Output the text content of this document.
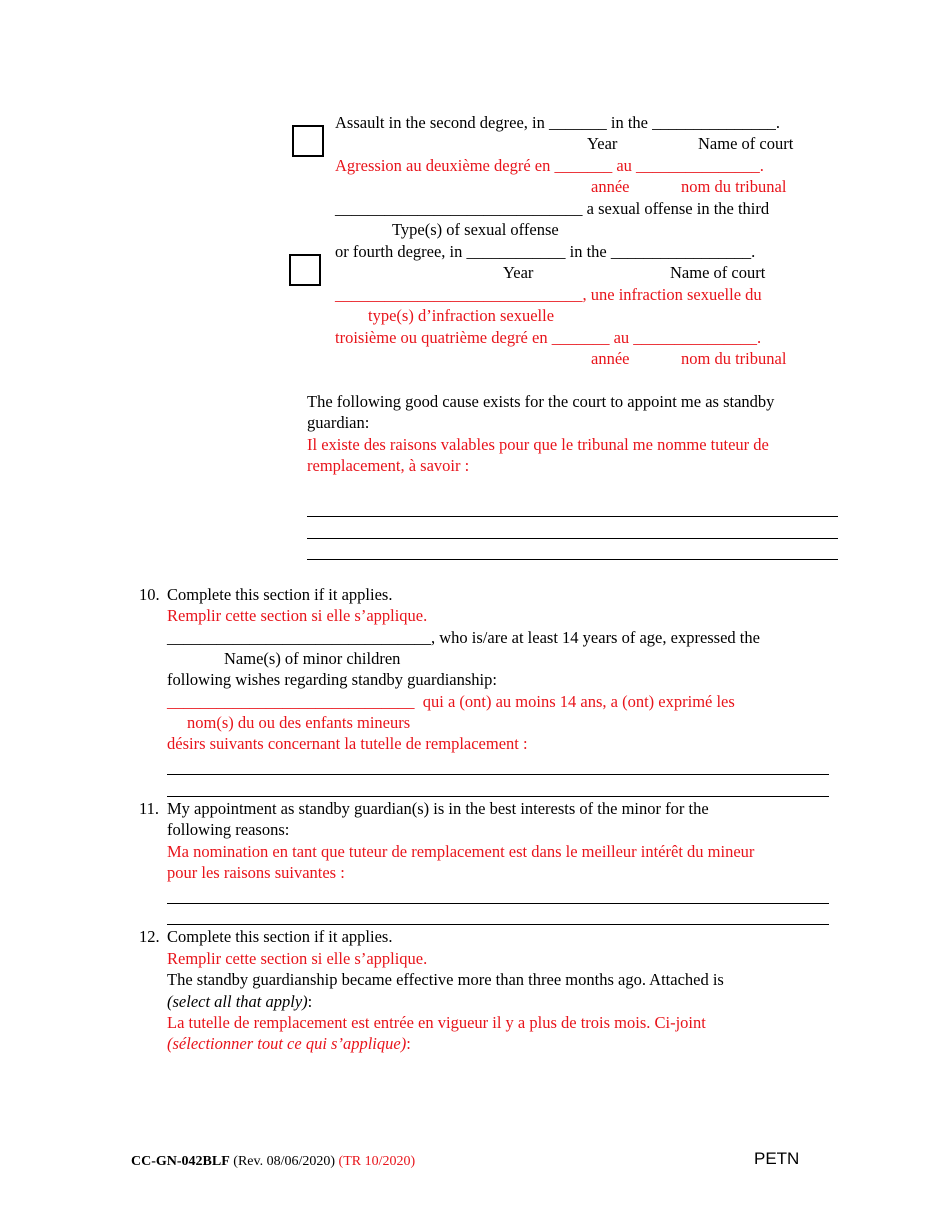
Assault in the second degree, in _______ in the _______________.
Year	Name of court
Agression au deuxième degré en _______ au _______________.
année	nom du tribunal
______________________________ a sexual offense in the third
Type(s) of sexual offense
or fourth degree, in ____________ in the _________________.
Year	Name of court
______________________________, une infraction sexuelle du
type(s) d’infraction sexuelle
troisième ou quatrième degré en _______ au _______________.
année	nom du tribunal
The following good cause exists for the court to appoint me as standby
guardian:
Il existe des raisons valables pour que le tribunal me nomme tuteur de
remplacement, à savoir :
10. Complete this section if it applies.
Remplir cette section si elle s’applique.
________________________________, who is/are at least 14 years of age, expressed the
Name(s) of minor children
following wishes regarding standby guardianship:
______________________________  qui a (ont) au moins 14 ans, a (ont) exprimé les
nom(s) du ou des enfants mineurs
désirs suivants concernant la tutelle de remplacement :
11. My appointment as standby guardian(s) is in the best interests of the minor for the
following reasons:
Ma nomination en tant que tuteur de remplacement est dans le meilleur intérêt du mineur
pour les raisons suivantes :
12. Complete this section if it applies.
Remplir cette section si elle s’applique.
The standby guardianship became effective more than three months ago. Attached is
(select all that apply):
La tutelle de remplacement est entrée en vigueur il y a plus de trois mois. Ci-joint
(sélectionner tout ce qui s’applique):
CC-GN-042BLF (Rev. 08/06/2020) (TR 10/2020)	PETN
